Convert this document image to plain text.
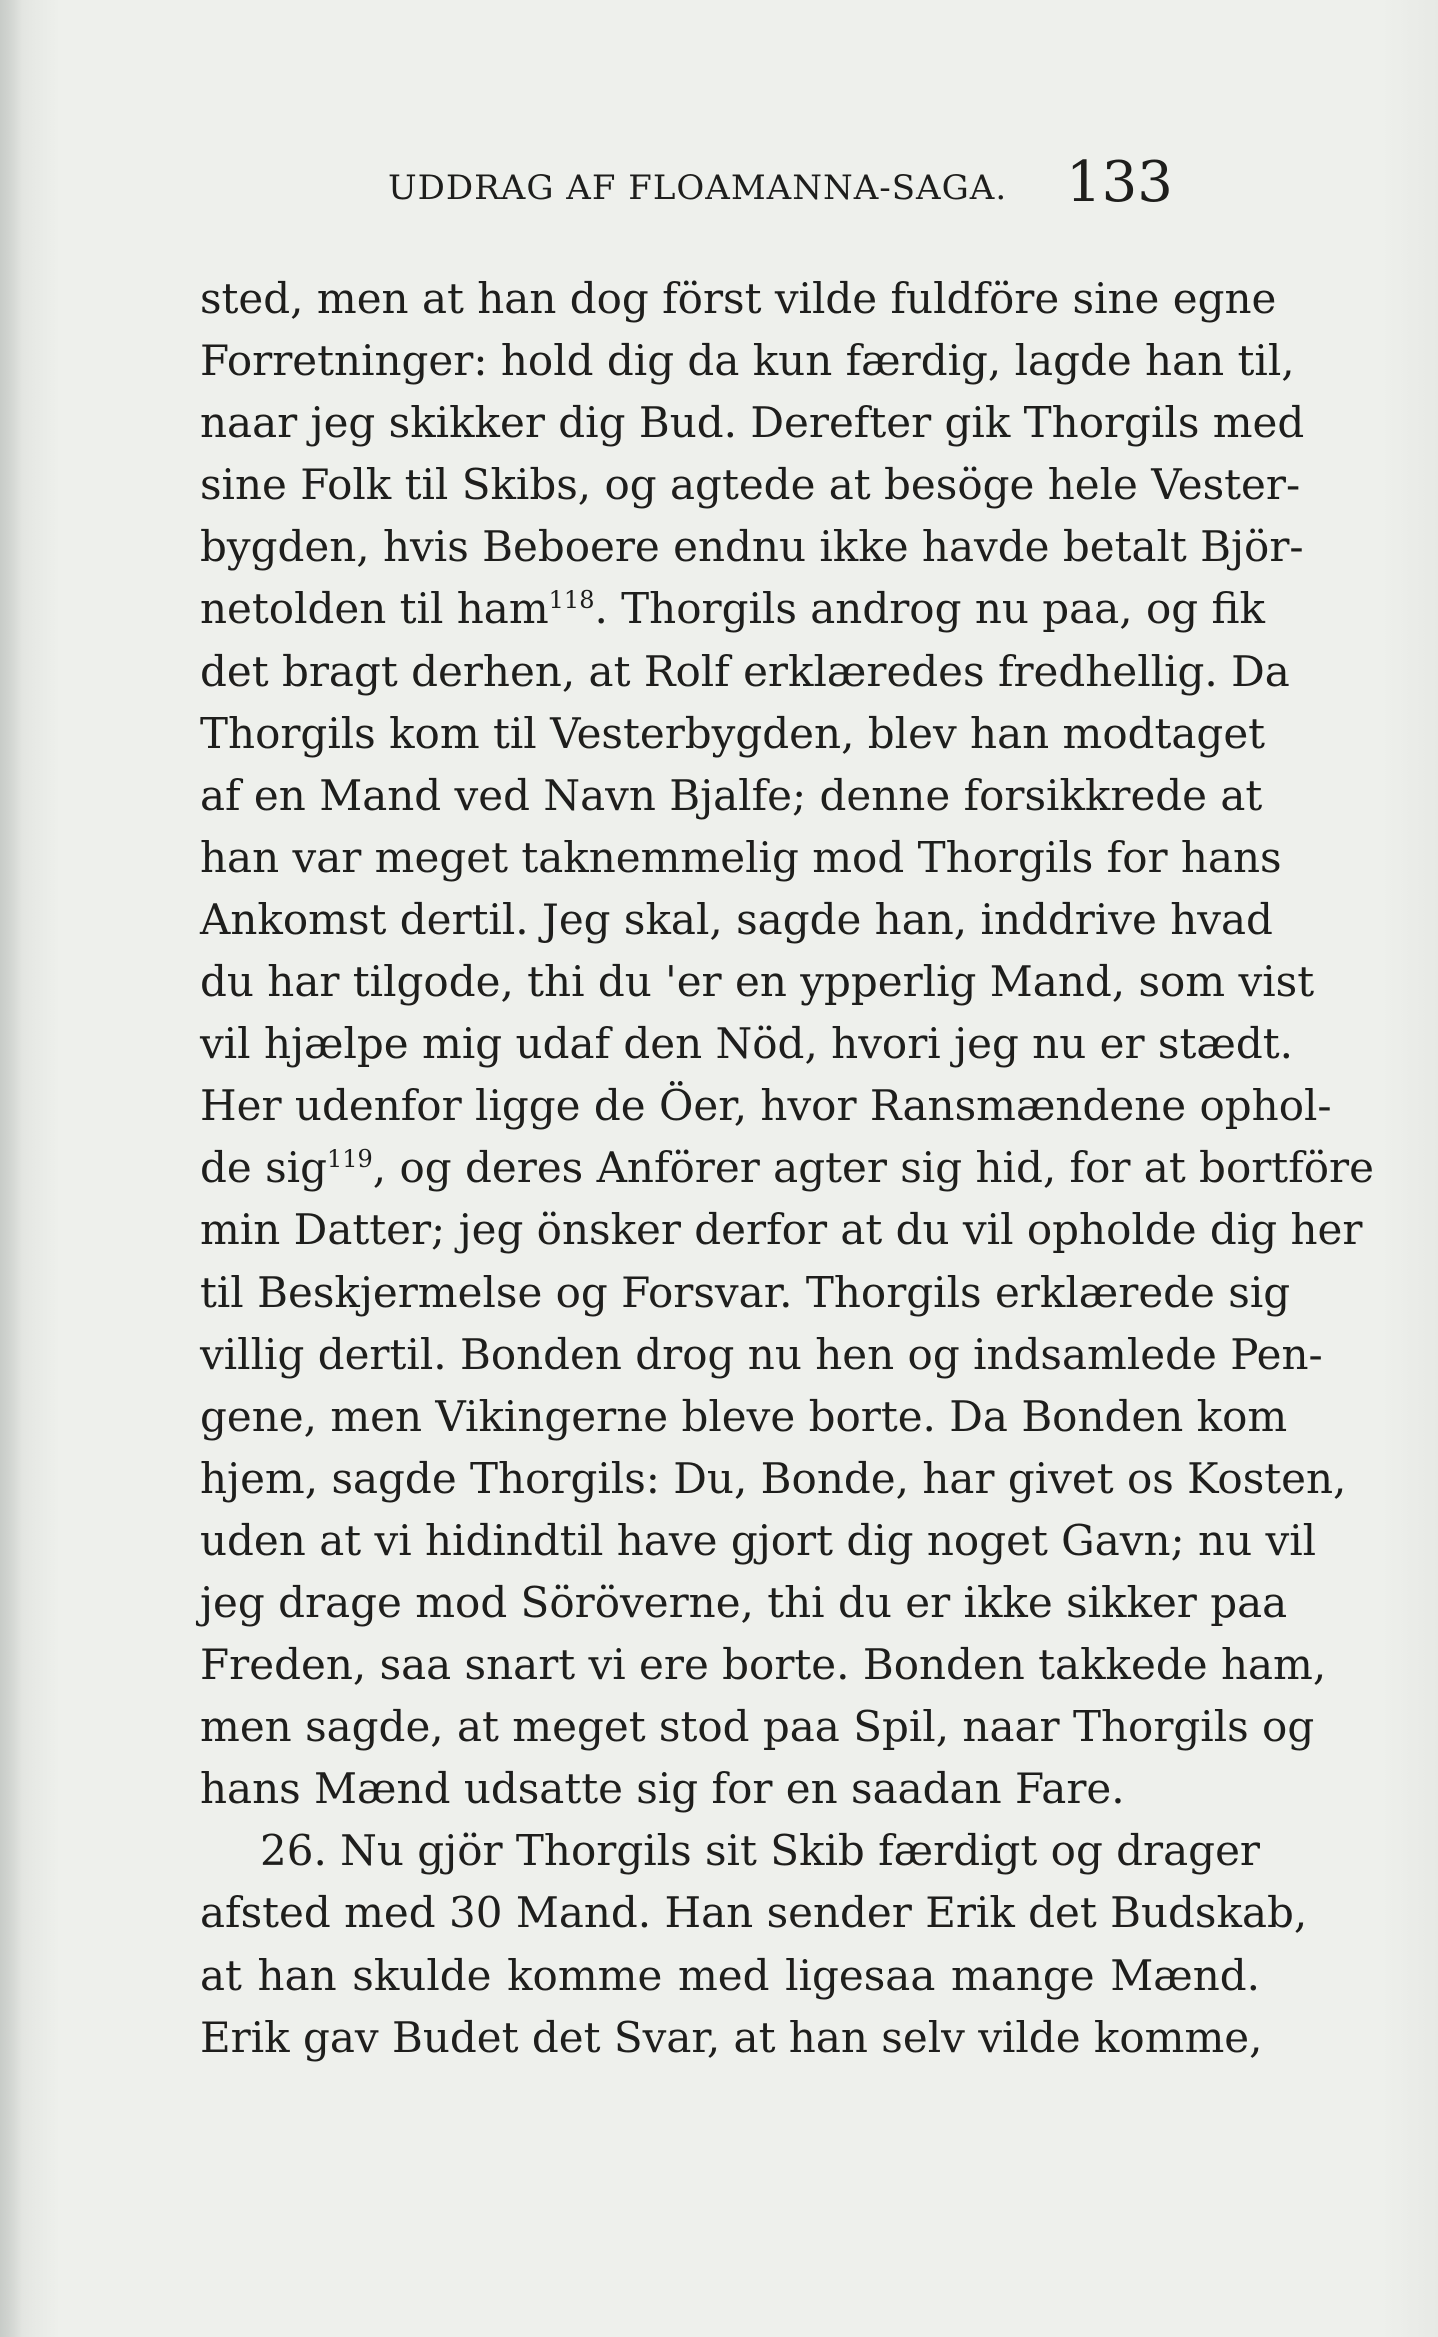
UDDRAG AF FLOAMANNA-SAGA. 133
sted, men at han dog först vilde fuldföre sine egne
Forretninger: hold dig da kun færdig, lagde han til,
naar jeg skikker dig Bud. Derefter gik Thorgils med
sine Folk til Skibs, og agtede at besöge hele Vester-
bygden, hvis Beboere endnu ikke havde betalt Björ-
netolden til ham$^{118}$. Thorgils androg nu paa, og fik
det bragt derhen, at Rolf erklæredes fredhellig. Da
Thorgils kom til Vesterbygden, blev han modtaget
af en Mand ved Navn Bjalfe; denne forsikkrede at
han var meget taknemmelig mod Thorgils for hans
Ankomst dertil. Jeg skal, sagde han, inddrive hvad
du har tilgode, thi du 'er en ypperlig Mand, som vist
vil hjælpe mig udaf den Nöd, hvori jeg nu er stædt.
Her udenfor ligge de Öer, hvor Ransmændene ophol-
de sig$^{119}$, og deres Anförer agter sig hid, for at bortföre
min Datter; jeg önsker derfor at du vil opholde dig her
til Beskjermelse og Forsvar. Thorgils erklærede sig
villig dertil. Bonden drog nu hen og indsamlede Pen-
gene, men Vikingerne bleve borte. Da Bonden kom
hjem, sagde Thorgils: Du, Bonde, har givet os Kosten,
uden at vi hidindtil have gjort dig noget Gavn; nu vil
jeg drage mod Söröverne, thi du er ikke sikker paa
Freden, saa snart vi ere borte. Bonden takkede ham,
men sagde, at meget stod paa Spil, naar Thorgils og
hans Mænd udsatte sig for en saadan Fare.
26. Nu gjör Thorgils sit Skib færdigt og drager
afsted med 30 Mand. Han sender Erik det Budskab,
at han skulde komme med ligesaa mange Mænd.
Erik gav Budet det Svar, at han selv vilde komme,
